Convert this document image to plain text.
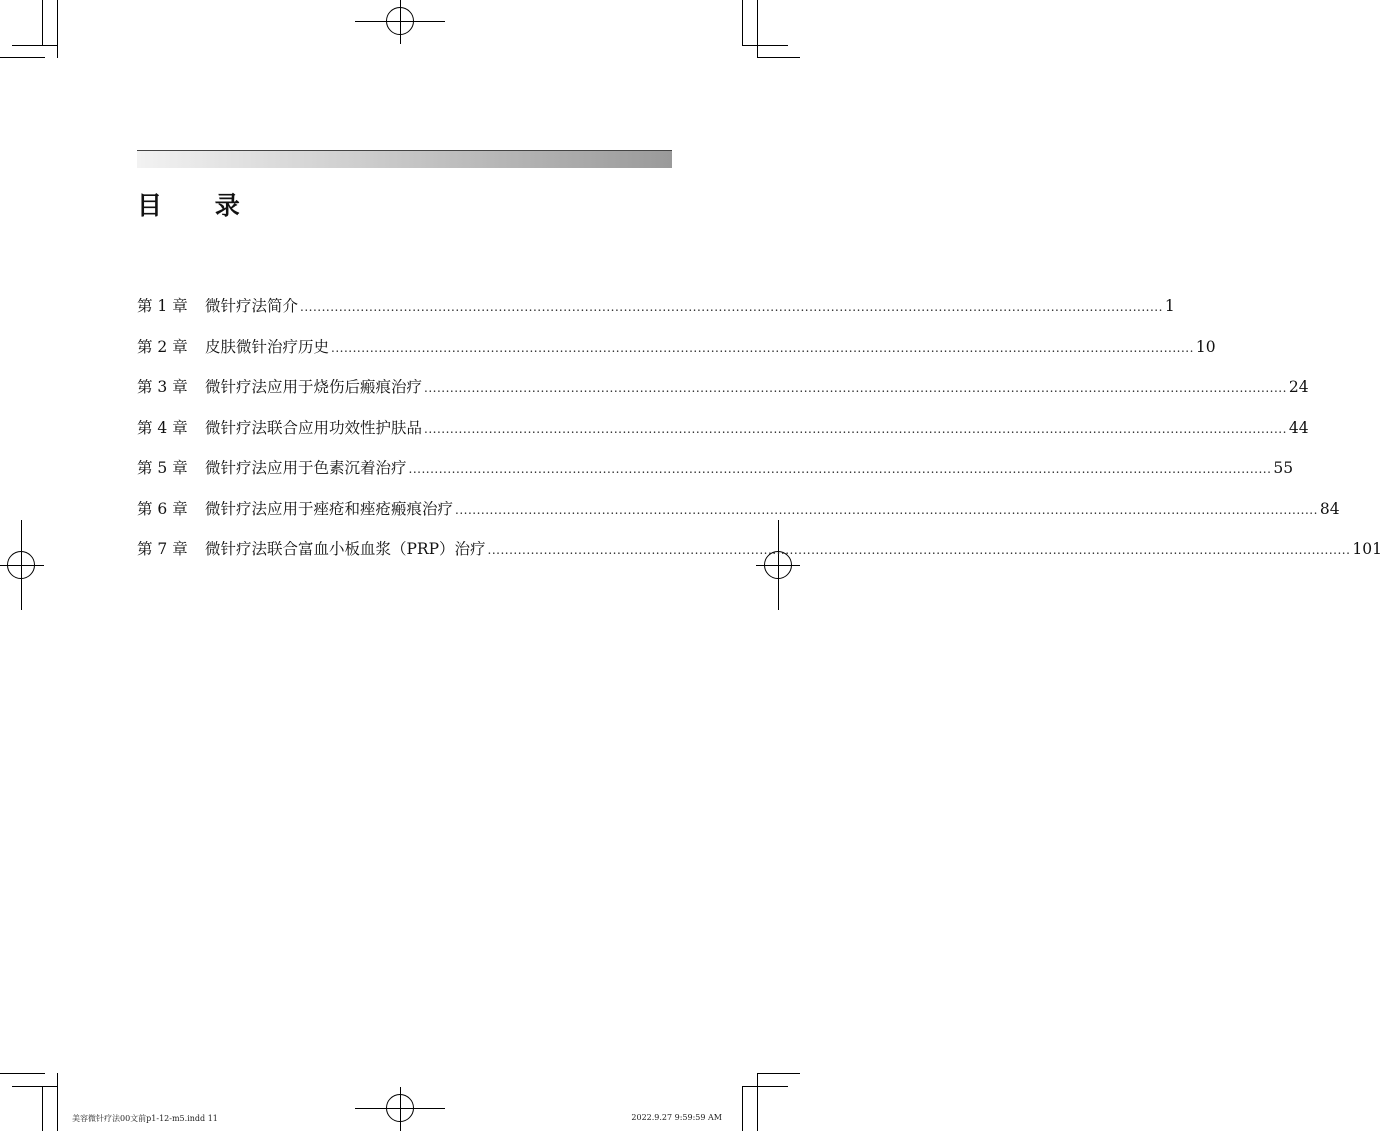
目 录
第 1 章	微针疗法简介 ........................................................................................................................................................................................................ 1
第 2 章	皮肤微针治疗历史 ........................................................................................................................................................................................................ 10
第 3 章	微针疗法应用于烧伤后瘢痕治疗 ........................................................................................................................................................................................................ 24
第 4 章	微针疗法联合应用功效性护肤品 ........................................................................................................................................................................................................ 44
第 5 章	微针疗法应用于色素沉着治疗 ........................................................................................................................................................................................................ 55
第 6 章	微针疗法应用于痤疮和痤疮瘢痕治疗 ........................................................................................................................................................................................................ 84
第 7 章	微针疗法联合富血小板血浆（PRP）治疗 ........................................................................................................................................................................................................ 101
美容微针疗法00文前p1-12-m5.indd 11	2022.9.27 9:59:59 AM
